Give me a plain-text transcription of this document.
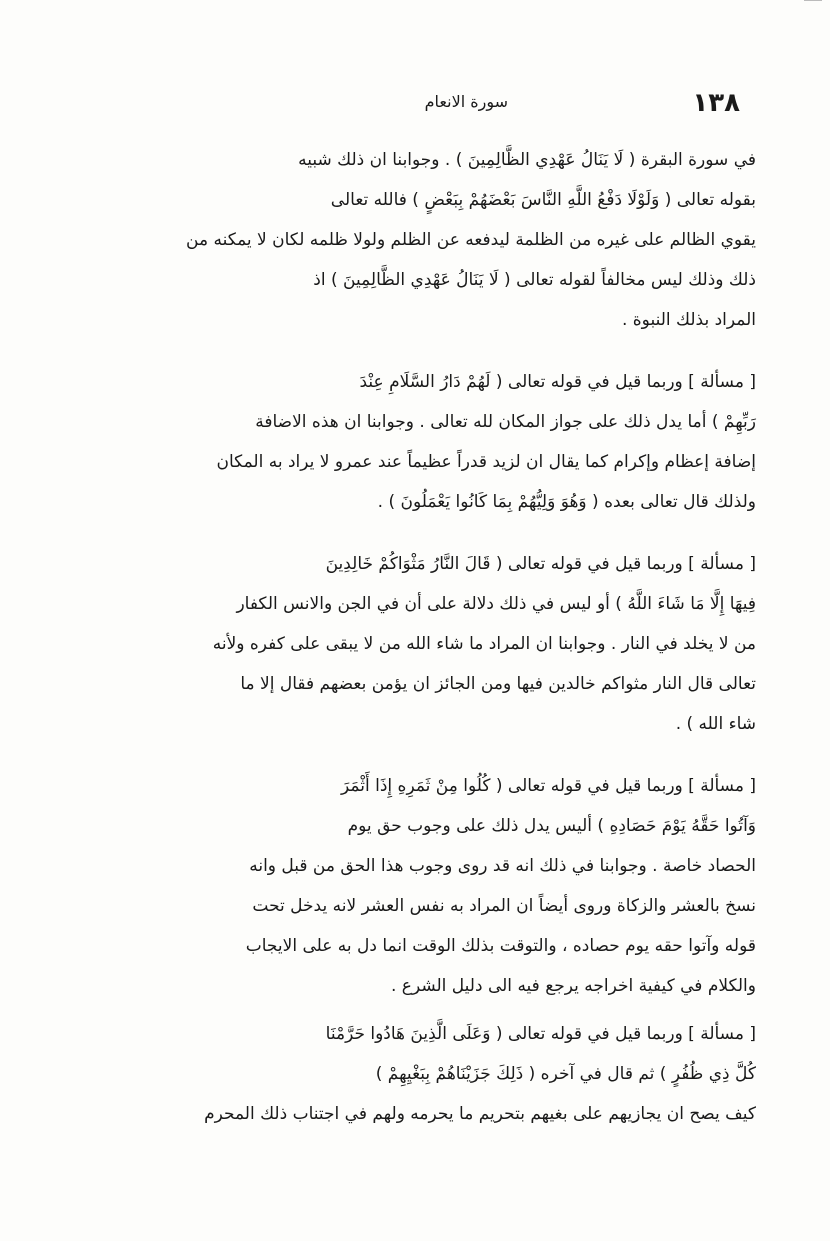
١٣٨
سورة الانعام
في سورة البقرة ( لَا يَنَالُ عَهْدِي الظَّالِمِينَ ) . وجوابنا ان ذلك شبيه
بقوله تعالى ( وَلَوْلَا دَفْعُ اللَّهِ النَّاسَ بَعْضَهُمْ بِبَعْضٍ ) فالله تعالى
يقوي الظالم على غيره من الظلمة ليدفعه عن الظلم ولولا ظلمه لكان لا يمكنه من
ذلك وذلك ليس مخالفاً لقوله تعالى ( لَا يَنَالُ عَهْدِي الظَّالِمِينَ ) اذ
المراد بذلك النبوة .
[ مسألة ] وربما قيل في قوله تعالى ( لَهُمْ دَارُ السَّلَامِ عِنْدَ
رَبِّهِمْ ) أما يدل ذلك على جواز المكان لله تعالى . وجوابنا ان هذه الاضافة
إضافة إعظام وإكرام كما يقال ان لزيد قدراً عظيماً عند عمرو لا يراد به المكان
ولذلك قال تعالى بعده ( وَهُوَ وَلِيُّهُمْ بِمَا كَانُوا يَعْمَلُونَ ) .
[ مسألة ] وربما قيل في قوله تعالى ( قَالَ النَّارُ مَثْوَاكُمْ خَالِدِينَ
فِيهَا إِلَّا مَا شَاءَ اللَّهُ ) أو ليس في ذلك دلالة على أن في الجن والانس الكفار
من لا يخلد في النار . وجوابنا ان المراد ما شاء الله من لا يبقى على كفره ولأنه
تعالى قال النار مثواكم خالدين فيها ومن الجائز ان يؤمن بعضهم فقال إلا ما
شاء الله ) .
[ مسألة ] وربما قيل في قوله تعالى ( كُلُوا مِنْ ثَمَرِهِ إِذَا أَثْمَرَ
وَآتُوا حَقَّهُ يَوْمَ حَصَادِهِ ) أليس يدل ذلك على وجوب حق يوم
الحصاد خاصة . وجوابنا في ذلك انه قد روى وجوب هذا الحق من قبل وانه
نسخ بالعشر والزكاة وروى أيضاً ان المراد به نفس العشر لانه يدخل تحت
قوله وآتوا حقه يوم حصاده ، والتوقت بذلك الوقت انما دل به على الايجاب
والكلام في كيفية اخراجه يرجع فيه الى دليل الشرع .
[ مسألة ] وربما قيل في قوله تعالى ( وَعَلَى الَّذِينَ هَادُوا حَرَّمْنَا
كُلَّ ذِي ظُفُرٍ ) ثم قال في آخره ( ذَلِكَ جَزَيْنَاهُمْ بِبَغْيِهِمْ )
كيف يصح ان يجازيهم على بغيهم بتحريم ما يحرمه ولهم في اجتناب ذلك المحرم
